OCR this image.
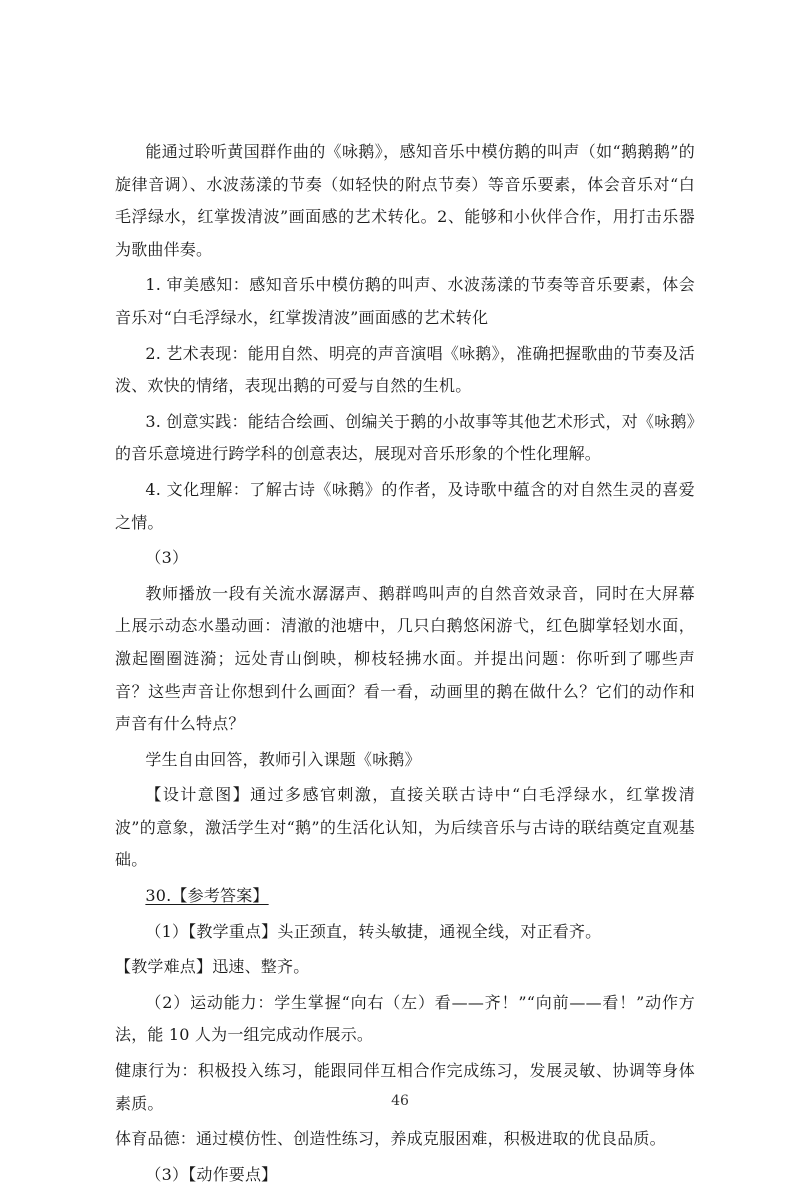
能通过聆听黄国群作曲的《咏鹅》，感知音乐中模仿鹅的叫声（如“鹅鹅鹅”的旋律音调）、水波荡漾的节奏（如轻快的附点节奏）等音乐要素，体会音乐对“白毛浮绿水，红掌拨清波”画面感的艺术转化。2、能够和小伙伴合作，用打击乐器为歌曲伴奏。

1. 审美感知：感知音乐中模仿鹅的叫声、水波荡漾的节奏等音乐要素，体会音乐对“白毛浮绿水，红掌拨清波”画面感的艺术转化

2. 艺术表现：能用自然、明亮的声音演唱《咏鹅》，准确把握歌曲的节奏及活泼、欢快的情绪，表现出鹅的可爱与自然的生机。

3. 创意实践：能结合绘画、创编关于鹅的小故事等其他艺术形式，对《咏鹅》的音乐意境进行跨学科的创意表达，展现对音乐形象的个性化理解。

4. 文化理解：了解古诗《咏鹅》的作者，及诗歌中蕴含的对自然生灵的喜爱之情。

（3）

教师播放一段有关流水潺潺声、鹅群鸣叫声的自然音效录音，同时在大屏幕上展示动态水墨动画：清澈的池塘中，几只白鹅悠闲游弋，红色脚掌轻划水面，激起圈圈涟漪；远处青山倒映，柳枝轻拂水面。并提出问题：你听到了哪些声音？这些声音让你想到什么画面？看一看，动画里的鹅在做什么？它们的动作和声音有什么特点？

学生自由回答，教师引入课题《咏鹅》

【设计意图】通过多感官刺激，直接关联古诗中“白毛浮绿水，红掌拨清波”的意象，激活学生对“鹅”的生活化认知，为后续音乐与古诗的联结奠定直观基础。

30.【参考答案】

（1）【教学重点】头正颈直，转头敏捷，通视全线，对正看齐。

【教学难点】迅速、整齐。

（2）运动能力：学生掌握“向右（左）看——齐！”“向前——看！”动作方法，能 10 人为一组完成动作展示。

健康行为：积极投入练习，能跟同伴互相合作完成练习，发展灵敏、协调等身体素质。

体育品德：通过模仿性、创造性练习，养成克服困难，积极进取的优良品质。

（3）【动作要点】

46
